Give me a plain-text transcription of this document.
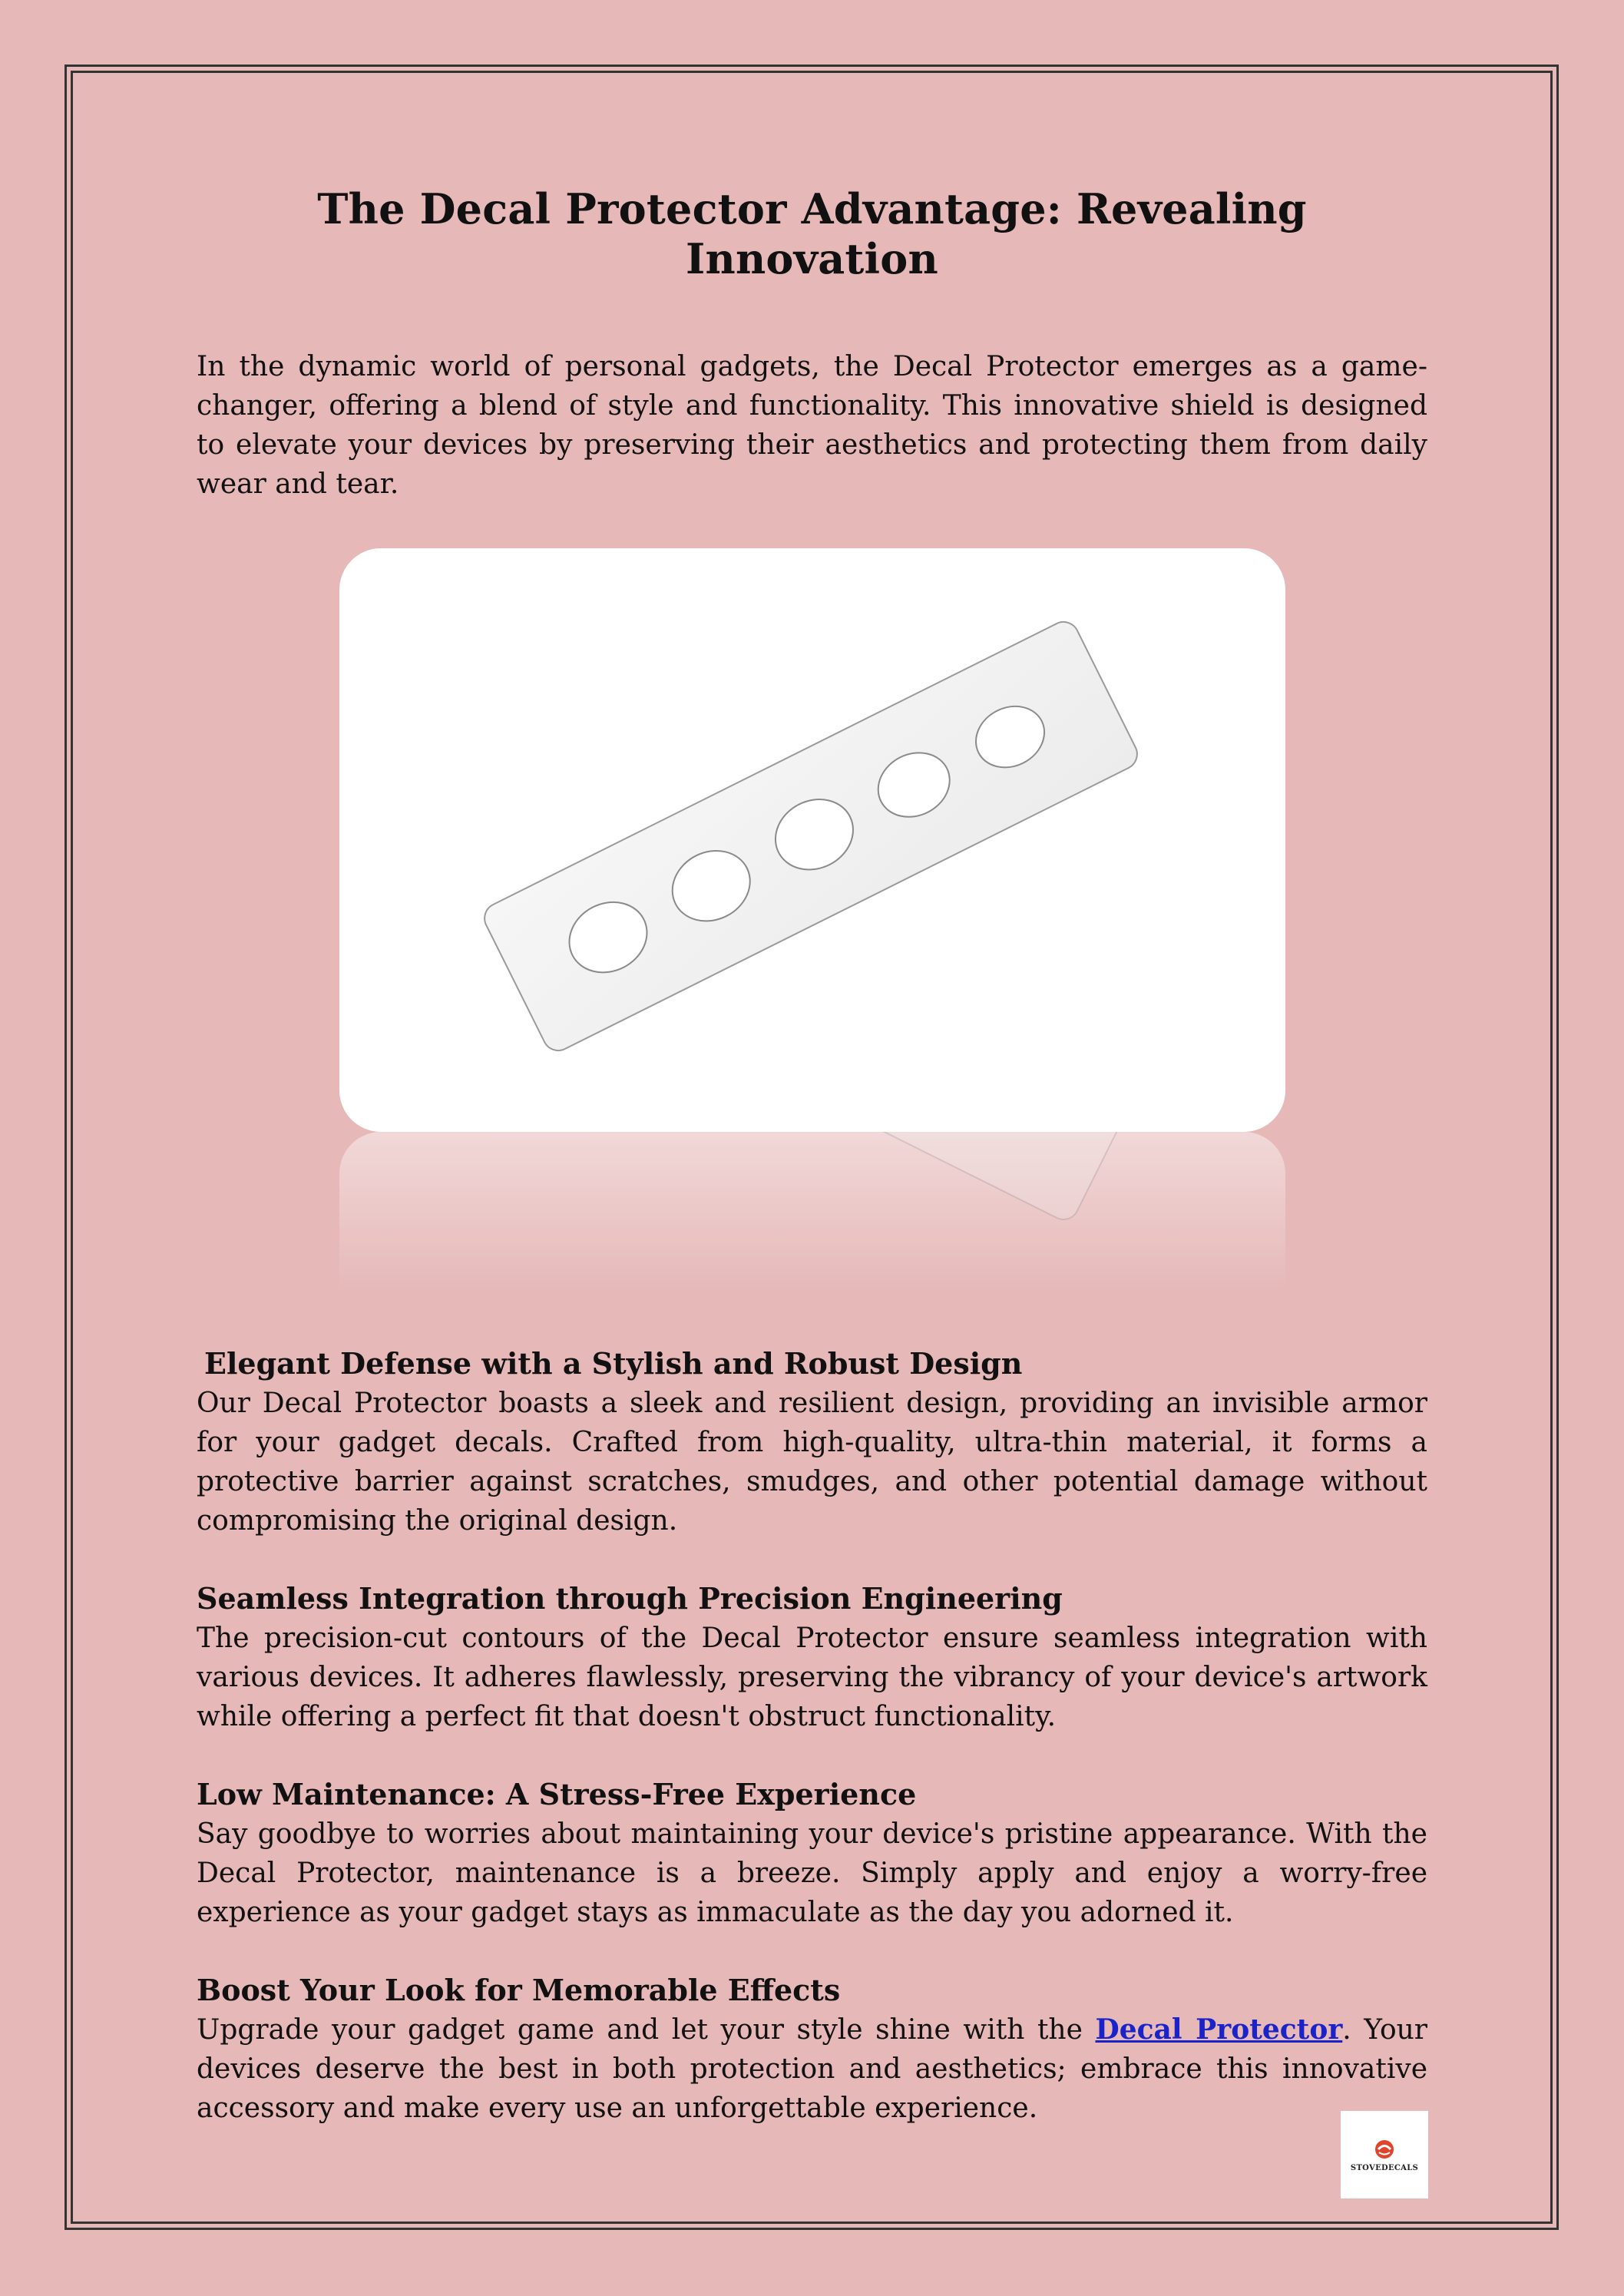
The Decal Protector Advantage: Revealing Innovation

In the dynamic world of personal gadgets, the Decal Protector emerges as a game-changer, offering a blend of style and functionality. This innovative shield is designed to elevate your devices by preserving their aesthetics and protecting them from daily wear and tear.

Elegant Defense with a Stylish and Robust Design

Our Decal Protector boasts a sleek and resilient design, providing an invisible armor for your gadget decals. Crafted from high-quality, ultra-thin material, it forms a protective barrier against scratches, smudges, and other potential damage without compromising the original design.

Seamless Integration through Precision Engineering

The precision-cut contours of the Decal Protector ensure seamless integration with various devices. It adheres flawlessly, preserving the vibrancy of your device's artwork while offering a perfect fit that doesn't obstruct functionality.

Low Maintenance: A Stress-Free Experience

Say goodbye to worries about maintaining your device's pristine appearance. With the Decal Protector, maintenance is a breeze. Simply apply and enjoy a worry-free experience as your gadget stays as immaculate as the day you adorned it.

Boost Your Look for Memorable Effects

Upgrade your gadget game and let your style shine with the Decal Protector. Your devices deserve the best in both protection and aesthetics; embrace this innovative accessory and make every use an unforgettable experience.

STOVEDECALS
